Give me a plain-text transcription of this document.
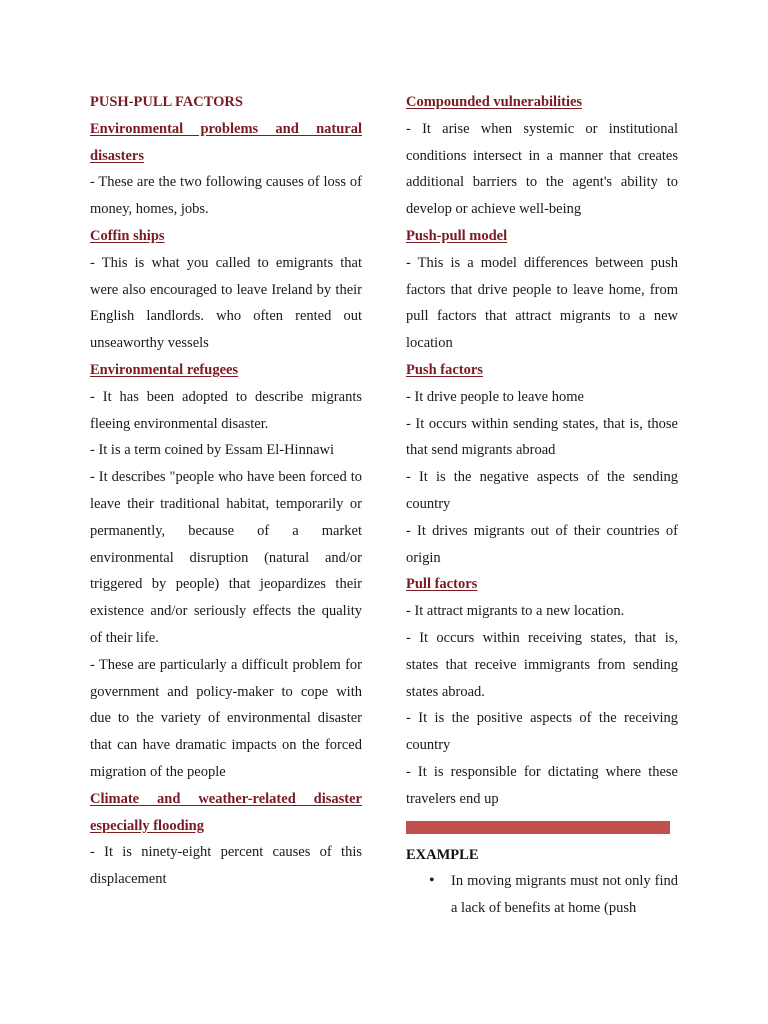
PUSH-PULL FACTORS

Environmental problems and natural disasters

- These are the two following causes of loss of money, homes, jobs.

Coffin ships

- This is what you called to emigrants that were also encouraged to leave Ireland by their English landlords. who often rented out unseaworthy vessels

Environmental refugees

- It has been adopted to describe migrants fleeing environmental disaster.

- It is a term coined by Essam El-Hinnawi

- It describes "people who have been forced to leave their traditional habitat, temporarily or permanently, because of a market environmental disruption (natural and/or triggered by people) that jeopardizes their existence and/or seriously effects the quality of their life.

- These are particularly a difficult problem for government and policy-maker to cope with due to the variety of environmental disaster that can have dramatic impacts on the forced migration of the people

Climate and weather-related disaster especially flooding

- It is ninety-eight percent causes of this displacement

Compounded vulnerabilities

- It arise when systemic or institutional conditions intersect in a manner that creates additional barriers to the agent's ability to develop or achieve well-being

Push-pull model

- This is a model differences between push factors that drive people to leave home, from pull factors that attract migrants to a new location

Push factors

- It drive people to leave home

- It occurs within sending states, that is, those that send migrants abroad

- It is the negative aspects of the sending country

- It drives migrants out of their countries of origin

Pull factors

- It attract migrants to a new location.

- It occurs within receiving states, that is, states that receive immigrants from sending states abroad.

- It is the positive aspects of the receiving country

- It is responsible for dictating where these travelers end up

EXAMPLE

• In moving migrants must not only find a lack of benefits at home (push
